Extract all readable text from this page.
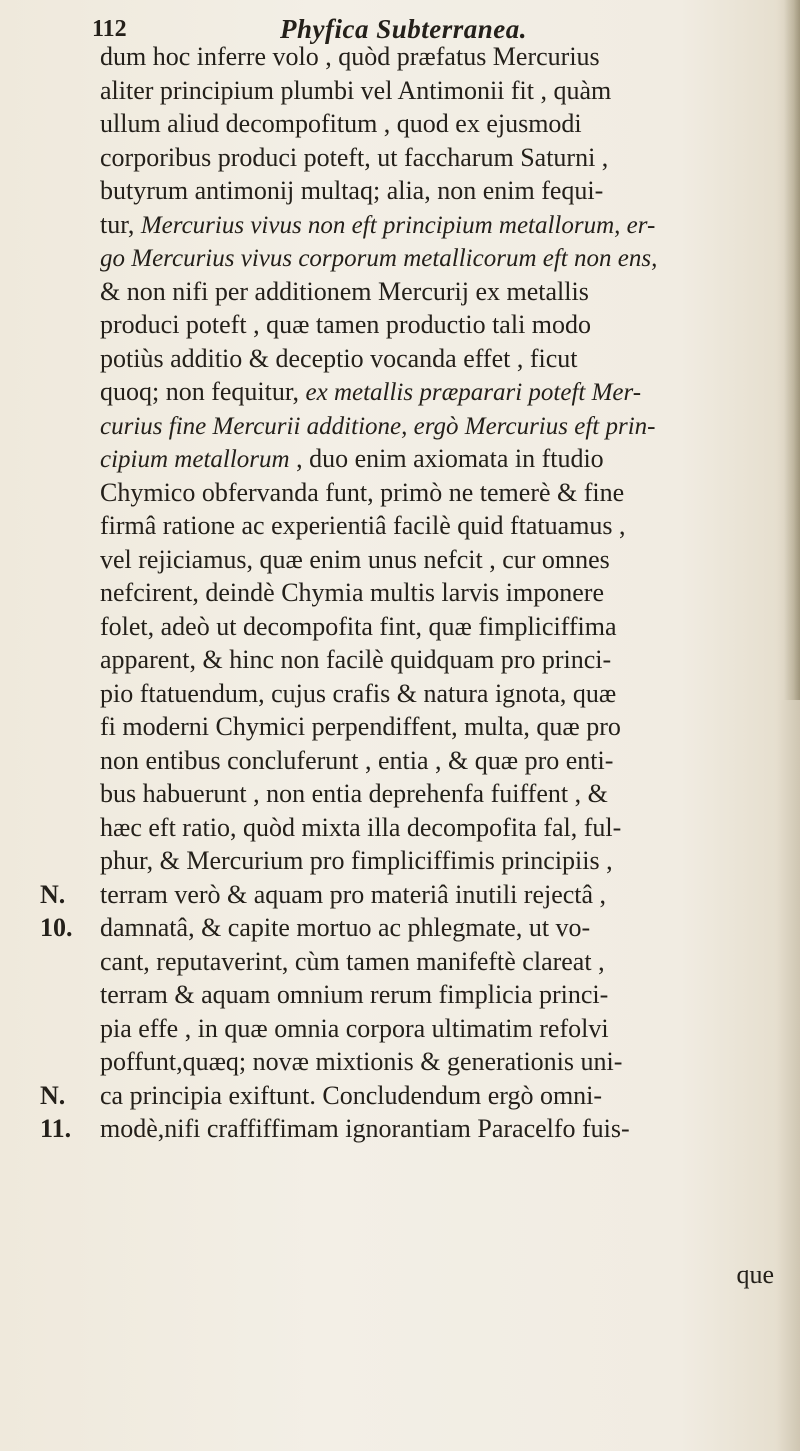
112	Phyfica Subterranea.
dum hoc inferre volo , quòd præfatus Mercurius
aliter principium plumbi vel Antimonii fit , quàm
ullum aliud decompofitum , quod ex ejusmodi
corporibus produci poteft, ut faccharum Saturni ,
butyrum antimonij multaq; alia, non enim fequi-
tur, Mercurius vivus non eft principium metallorum, er-
go Mercurius vivus corporum metallicorum eft non ens,
& non nifi per additionem Mercurij ex metallis
produci poteft , quæ tamen productio tali modo
potiùs additio & deceptio vocanda effet , ficut
quoq; non fequitur, ex metallis præparari poteft Mer-
curius fine Mercurii additione, ergò Mercurius eft prin-
cipium metallorum , duo enim axiomata in ftudio
Chymico obfervanda funt, primò ne temerè & fine
firmâ ratione ac experientiâ facilè quid ftatuamus ,
vel rejiciamus, quæ enim unus nefcit , cur omnes
nefcirent, deindè Chymia multis larvis imponere
folet, adeò ut decompofita fint, quæ fimpliciffima
apparent, & hinc non facilè quidquam pro princi-
pio ftatuendum, cujus crafis & natura ignota, quæ
fi moderni Chymici perpendiffent, multa, quæ pro
non entibus concluferunt , entia , & quæ pro enti-
bus habuerunt , non entia deprehenfa fuiffent , &
hæc eft ratio, quòd mixta illa decompofita fal, ful-
phur, & Mercurium pro fimpliciffimis principiis ,
terram verò & aquam pro materiâ inutili rejectâ ,
damnatâ, & capite mortuo ac phlegmate, ut vo-
cant, reputaverint, cùm tamen manifeftè clareat ,
terram & aquam omnium rerum fimplicia princi-
pia effe , in quæ omnia corpora ultimatim refolvi
poffunt,quæq; novæ mixtionis & generationis uni-
ca principia exiftunt. Concludendum ergò omni-
modè,nifi craffiffimam ignorantiam Paracelfo fuis-
N.
10.
N.
11.
que
